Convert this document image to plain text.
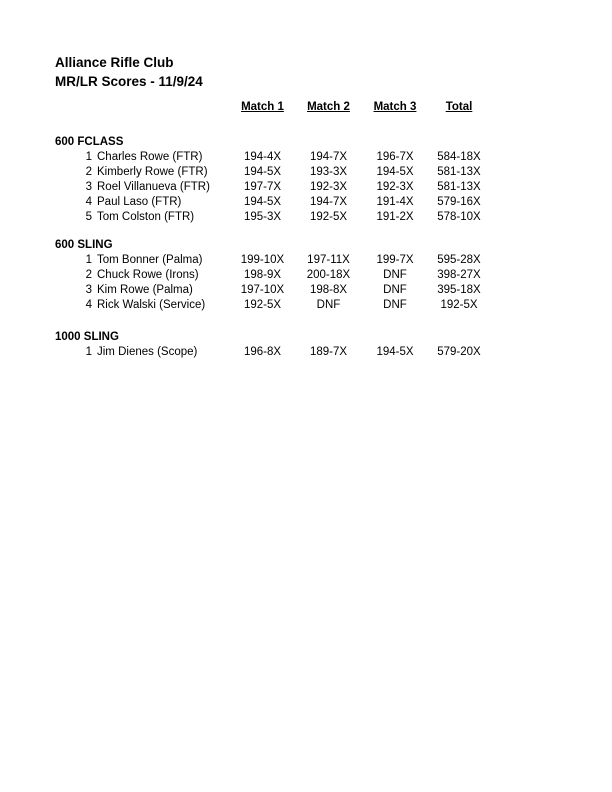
Alliance Rifle Club
MR/LR Scores - 11/9/24
Match 1	Match 2	Match 3	Total
600 FCLASS
1 Charles Rowe (FTR)	194-4X	194-7X	196-7X	584-18X
2 Kimberly Rowe (FTR)	194-5X	193-3X	194-5X	581-13X
3 Roel Villanueva (FTR)	197-7X	192-3X	192-3X	581-13X
4 Paul Laso (FTR)	194-5X	194-7X	191-4X	579-16X
5 Tom Colston (FTR)	195-3X	192-5X	191-2X	578-10X
600 SLING
1 Tom Bonner (Palma)	199-10X	197-11X	199-7X	595-28X
2 Chuck Rowe (Irons)	198-9X	200-18X	DNF	398-27X
3 Kim Rowe (Palma)	197-10X	198-8X	DNF	395-18X
4 Rick Walski (Service)	192-5X	DNF	DNF	192-5X
1000 SLING
1 Jim Dienes (Scope)	196-8X	189-7X	194-5X	579-20X
